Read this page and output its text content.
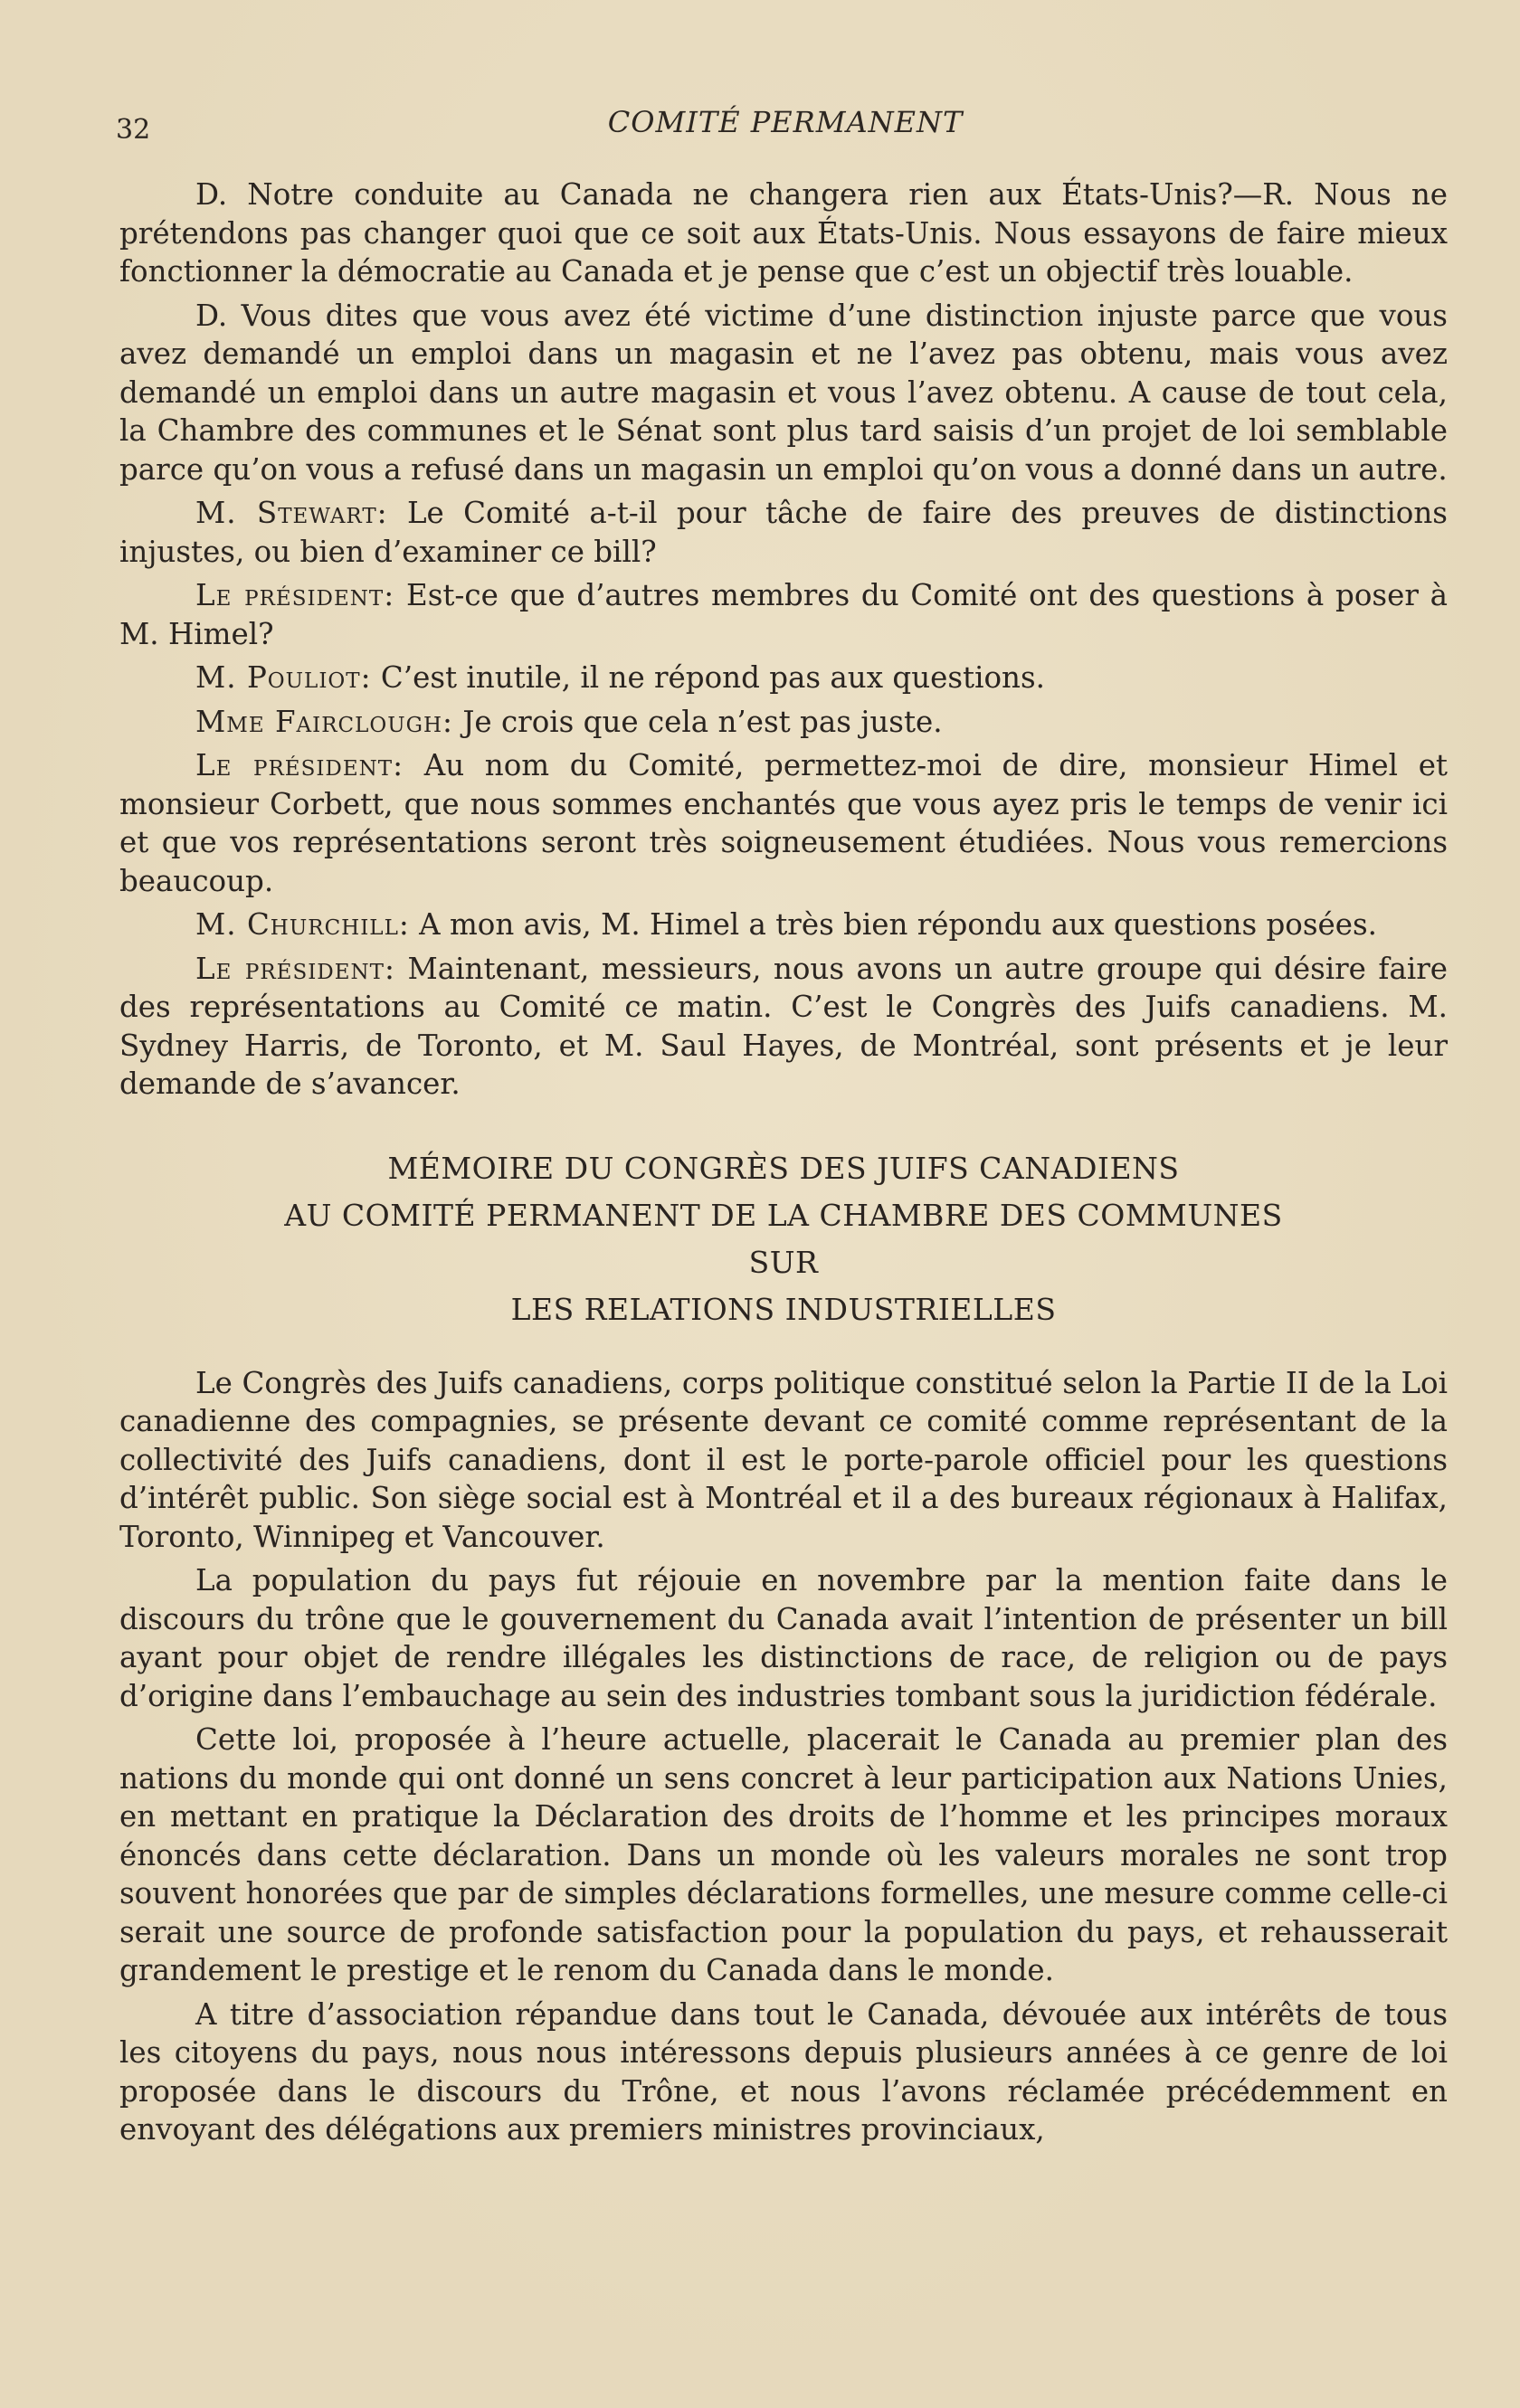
32	COMITÉ PERMANENT

D. Notre conduite au Canada ne changera rien aux États-Unis?—R. Nous ne prétendons pas changer quoi que ce soit aux États-Unis. Nous essayons de faire mieux fonctionner la démocratie au Canada et je pense que c’est un objectif très louable.

D. Vous dites que vous avez été victime d’une distinction injuste parce que vous avez demandé un emploi dans un magasin et ne l’avez pas obtenu, mais vous avez demandé un emploi dans un autre magasin et vous l’avez obtenu. A cause de tout cela, la Chambre des communes et le Sénat sont plus tard saisis d’un projet de loi semblable parce qu’on vous a refusé dans un magasin un emploi qu’on vous a donné dans un autre.

M. Stewart: Le Comité a-t-il pour tâche de faire des preuves de distinctions injustes, ou bien d’examiner ce bill?

Le président: Est-ce que d’autres membres du Comité ont des questions à poser à M. Himel?

M. Pouliot: C’est inutile, il ne répond pas aux questions.

Mme Fairclough: Je crois que cela n’est pas juste.

Le président: Au nom du Comité, permettez-moi de dire, monsieur Himel et monsieur Corbett, que nous sommes enchantés que vous ayez pris le temps de venir ici et que vos représentations seront très soigneusement étudiées. Nous vous remercions beaucoup.

M. Churchill: A mon avis, M. Himel a très bien répondu aux questions posées.

Le président: Maintenant, messieurs, nous avons un autre groupe qui désire faire des représentations au Comité ce matin. C’est le Congrès des Juifs canadiens. M. Sydney Harris, de Toronto, et M. Saul Hayes, de Montréal, sont présents et je leur demande de s’avancer.

MÉMOIRE DU CONGRÈS DES JUIFS CANADIENS
AU COMITÉ PERMANENT DE LA CHAMBRE DES COMMUNES
SUR
LES RELATIONS INDUSTRIELLES

Le Congrès des Juifs canadiens, corps politique constitué selon la Partie II de la Loi canadienne des compagnies, se présente devant ce comité comme représentant de la collectivité des Juifs canadiens, dont il est le porte-parole officiel pour les questions d’intérêt public. Son siège social est à Montréal et il a des bureaux régionaux à Halifax, Toronto, Winnipeg et Vancouver.

La population du pays fut réjouie en novembre par la mention faite dans le discours du trône que le gouvernement du Canada avait l’intention de présenter un bill ayant pour objet de rendre illégales les distinctions de race, de religion ou de pays d’origine dans l’embauchage au sein des industries tombant sous la juridiction fédérale.

Cette loi, proposée à l’heure actuelle, placerait le Canada au premier plan des nations du monde qui ont donné un sens concret à leur participation aux Nations Unies, en mettant en pratique la Déclaration des droits de l’homme et les principes moraux énoncés dans cette déclaration. Dans un monde où les valeurs morales ne sont trop souvent honorées que par de simples déclarations formelles, une mesure comme celle-ci serait une source de profonde satisfaction pour la population du pays, et rehausserait grandement le prestige et le renom du Canada dans le monde.

A titre d’association répandue dans tout le Canada, dévouée aux intérêts de tous les citoyens du pays, nous nous intéressons depuis plusieurs années à ce genre de loi proposée dans le discours du Trône, et nous l’avons réclamée précédemment en envoyant des délégations aux premiers ministres provinciaux,
